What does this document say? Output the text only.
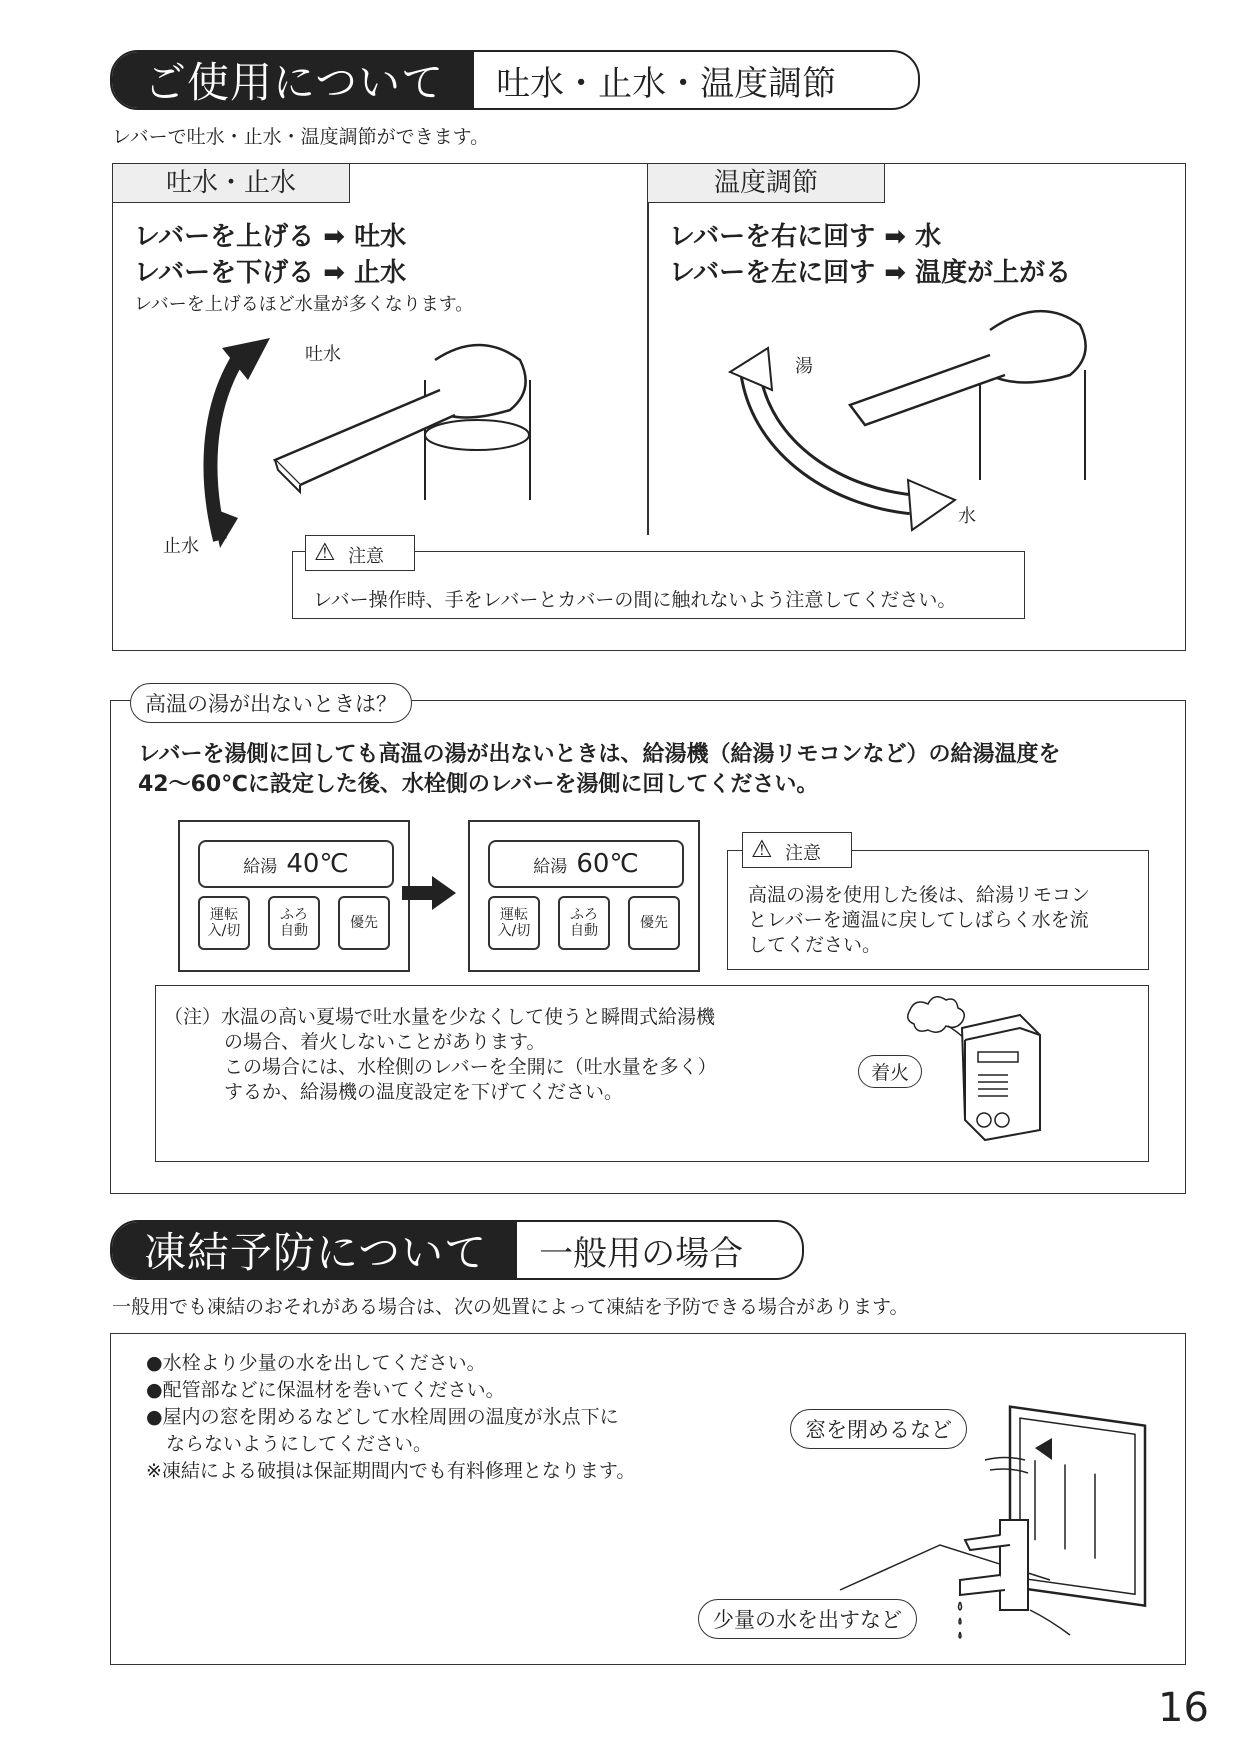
ご使用について	吐水・止水・温度調節
レバーで吐水・止水・温度調節ができます。
吐水・止水
レバーを上げる ➡ 吐水
レバーを下げる ➡ 止水
レバーを上げるほど水量が多くなります。
吐水
止水
温度調節
レバーを右に回す ➡ 水
レバーを左に回す ➡ 温度が上がる
湯
水
⚠ 注意
レバー操作時、手をレバーとカバーの間に触れないよう注意してください。
高温の湯が出ないときは？
レバーを湯側に回しても高温の湯が出ないときは、給湯機（給湯リモコンなど）の給湯温度を
42～60℃に設定した後、水栓側のレバーを湯側に回してください。
給湯 40℃
運転
入/切
ふろ
自動	優先
給湯 60℃
運転
入/切
ふろ
自動	優先
⚠ 注意
高温の湯を使用した後は、給湯リモコン
とレバーを適温に戻してしばらく水を流
してください。
（注）水温の高い夏場で吐水量を少なくして使うと瞬間式給湯機
の場合、着火しないことがあります。
この場合には、水栓側のレバーを全開に（吐水量を多く）
するか、給湯機の温度設定を下げてください。
着火
凍結予防について	一般用の場合
一般用でも凍結のおそれがある場合は、次の処置によって凍結を予防できる場合があります。
●水栓より少量の水を出してください。
●配管部などに保温材を巻いてください。
●屋内の窓を閉めるなどして水栓周囲の温度が氷点下に
ならないようにしてください。
※凍結による破損は保証期間内でも有料修理となります。
窓を閉めるなど
少量の水を出すなど
16
